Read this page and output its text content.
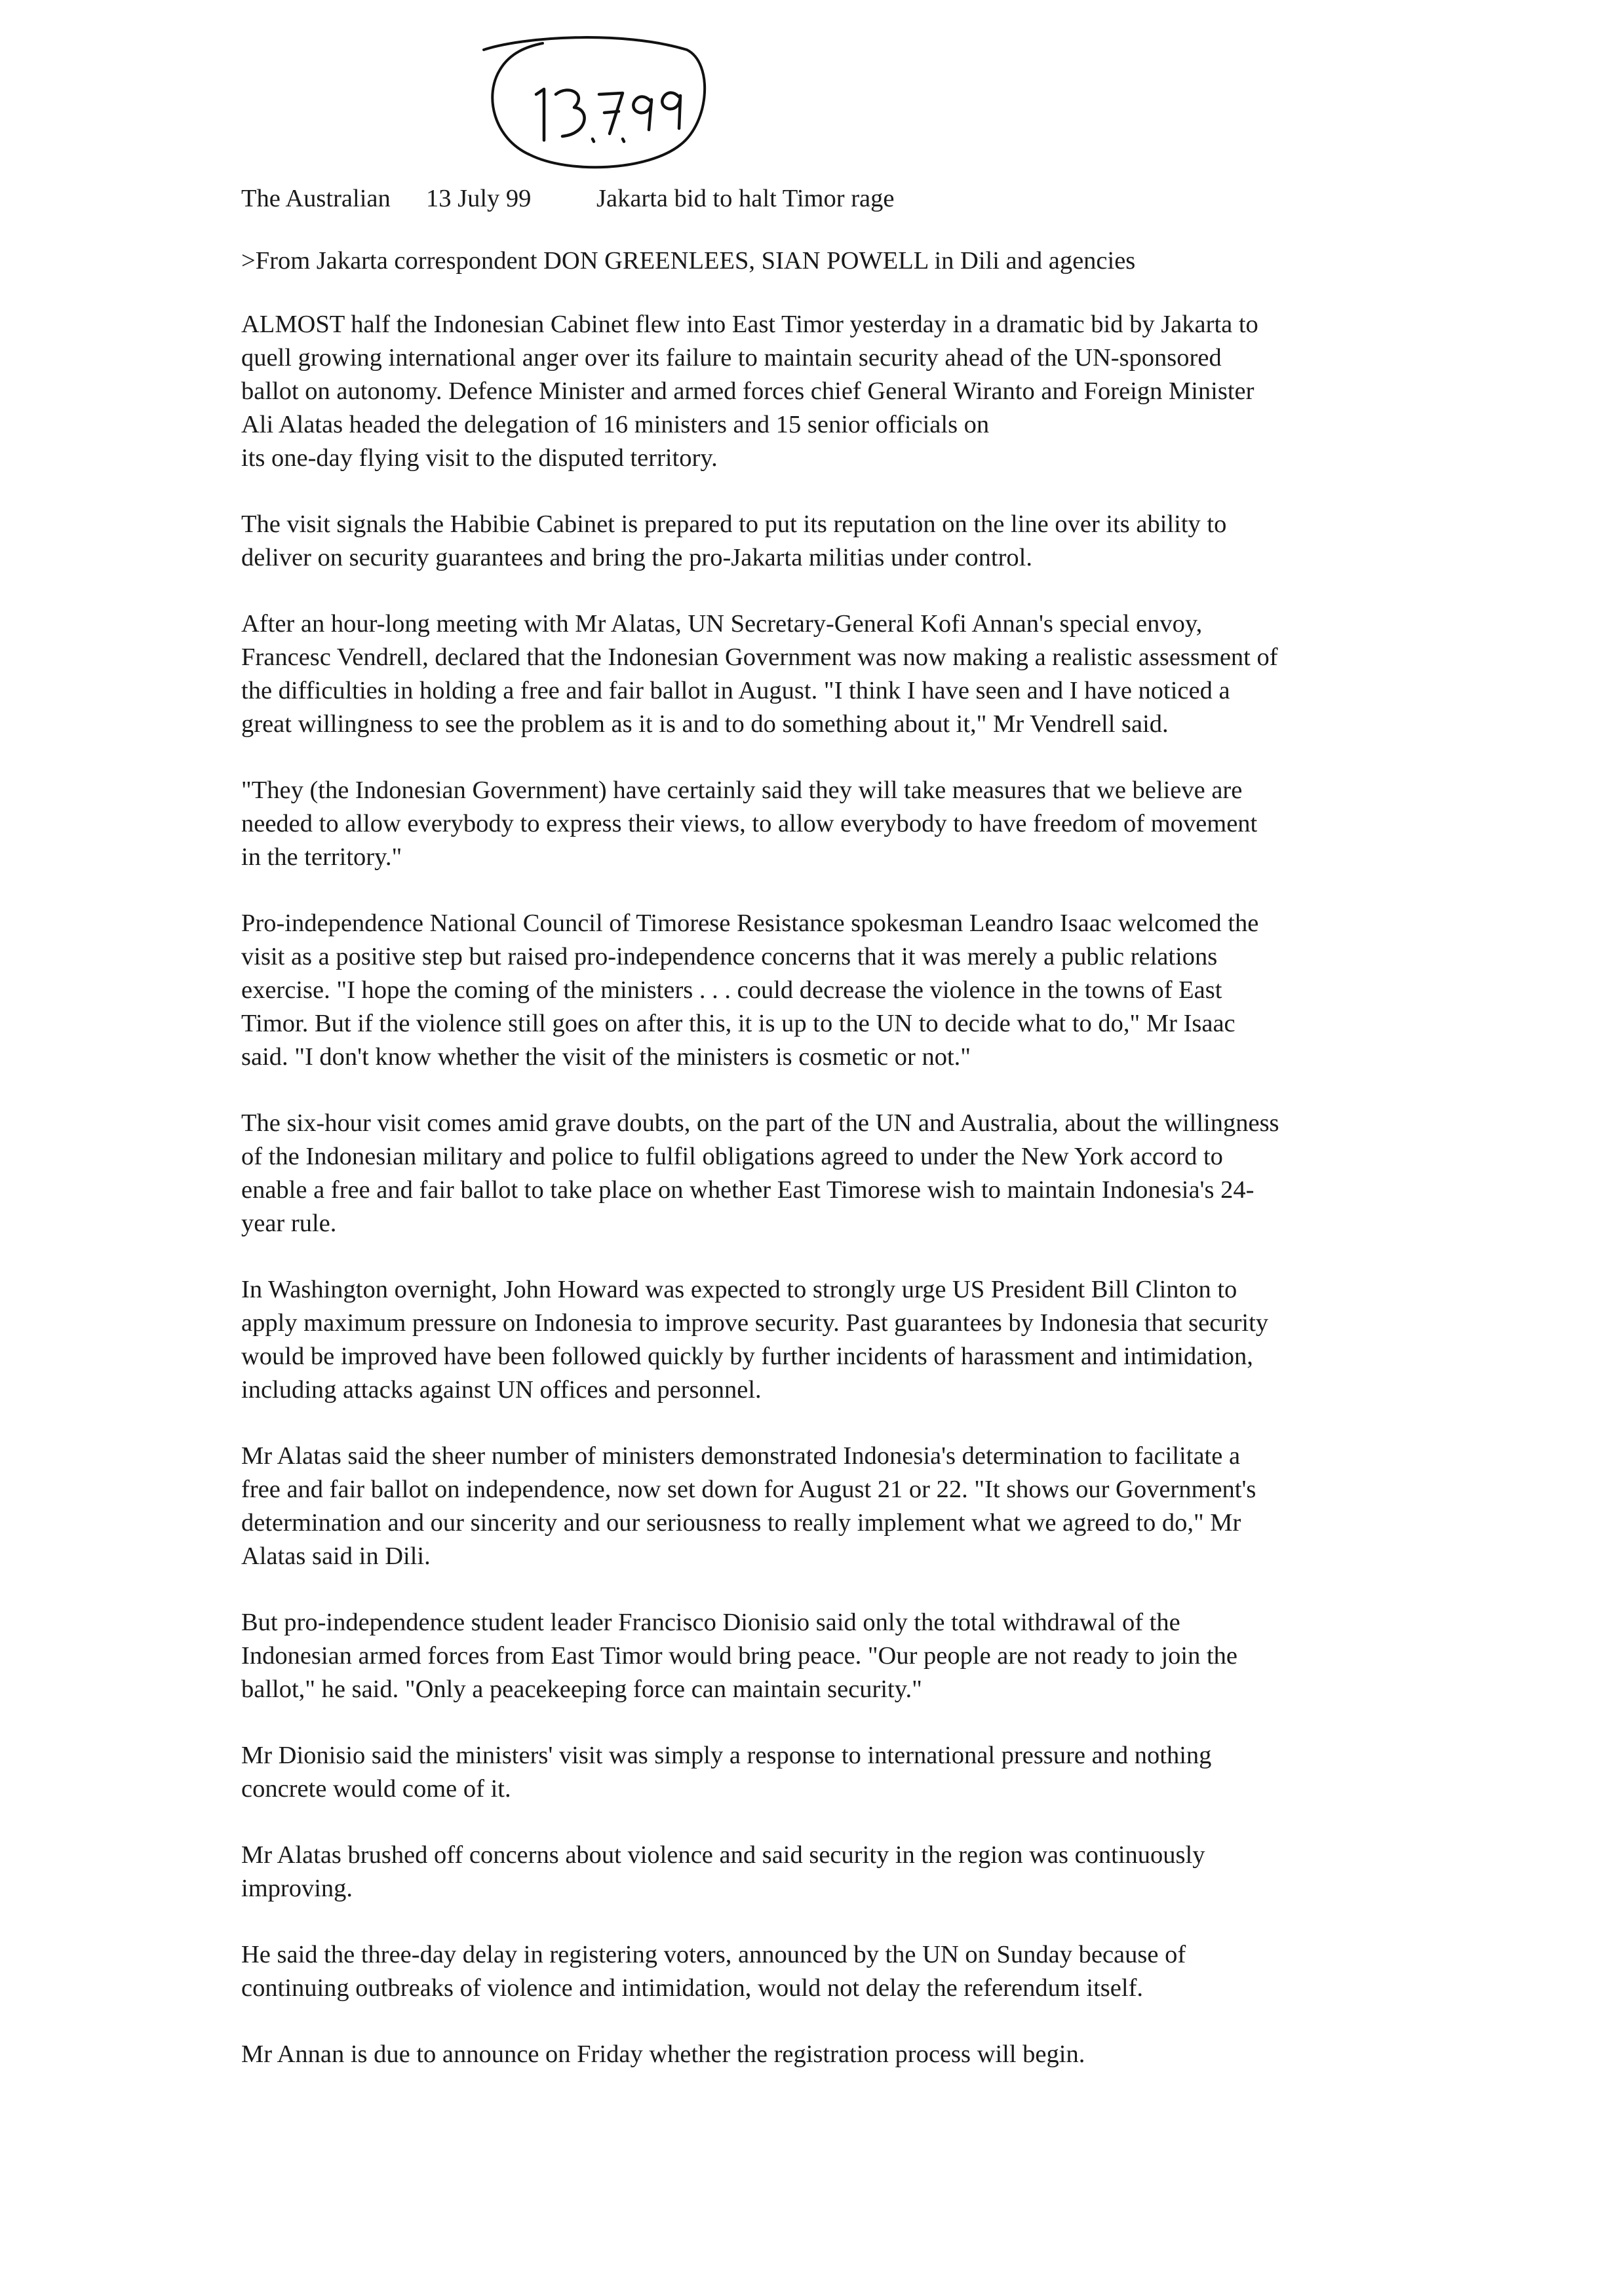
The Australian 13 July 99	Jakarta bid to halt Timor rage
>From Jakarta correspondent DON GREENLEES, SIAN POWELL in Dili and agencies
ALMOST half the Indonesian Cabinet flew into East Timor yesterday in a dramatic bid by Jakarta to
quell growing international anger over its failure to maintain security ahead of the UN-sponsored
ballot on autonomy. Defence Minister and armed forces chief General Wiranto and Foreign Minister
Ali Alatas headed the delegation of 16 ministers and 15 senior officials on
its one-day flying visit to the disputed territory.
The visit signals the Habibie Cabinet is prepared to put its reputation on the line over its ability to
deliver on security guarantees and bring the pro-Jakarta militias under control.
After an hour-long meeting with Mr Alatas, UN Secretary-General Kofi Annan's special envoy,
Francesc Vendrell, declared that the Indonesian Government was now making a realistic assessment of
the difficulties in holding a free and fair ballot in August. "I think I have seen and I have noticed a
great willingness to see the problem as it is and to do something about it," Mr Vendrell said.
"They (the Indonesian Government) have certainly said they will take measures that we believe are
needed to allow everybody to express their views, to allow everybody to have freedom of movement
in the territory."
Pro-independence National Council of Timorese Resistance spokesman Leandro Isaac welcomed the
visit as a positive step but raised pro-independence concerns that it was merely a public relations
exercise. "I hope the coming of the ministers . . . could decrease the violence in the towns of East
Timor. But if the violence still goes on after this, it is up to the UN to decide what to do," Mr Isaac
said. "I don't know whether the visit of the ministers is cosmetic or not."
The six-hour visit comes amid grave doubts, on the part of the UN and Australia, about the willingness
of the Indonesian military and police to fulfil obligations agreed to under the New York accord to
enable a free and fair ballot to take place on whether East Timorese wish to maintain Indonesia's 24-
year rule.
In Washington overnight, John Howard was expected to strongly urge US President Bill Clinton to
apply maximum pressure on Indonesia to improve security. Past guarantees by Indonesia that security
would be improved have been followed quickly by further incidents of harassment and intimidation,
including attacks against UN offices and personnel.
Mr Alatas said the sheer number of ministers demonstrated Indonesia's determination to facilitate a
free and fair ballot on independence, now set down for August 21 or 22. "It shows our Government's
determination and our sincerity and our seriousness to really implement what we agreed to do," Mr
Alatas said in Dili.
But pro-independence student leader Francisco Dionisio said only the total withdrawal of the
Indonesian armed forces from East Timor would bring peace. "Our people are not ready to join the
ballot," he said. "Only a peacekeeping force can maintain security."
Mr Dionisio said the ministers' visit was simply a response to international pressure and nothing
concrete would come of it.
Mr Alatas brushed off concerns about violence and said security in the region was continuously
improving.
He said the three-day delay in registering voters, announced by the UN on Sunday because of
continuing outbreaks of violence and intimidation, would not delay the referendum itself.
Mr Annan is due to announce on Friday whether the registration process will begin.
